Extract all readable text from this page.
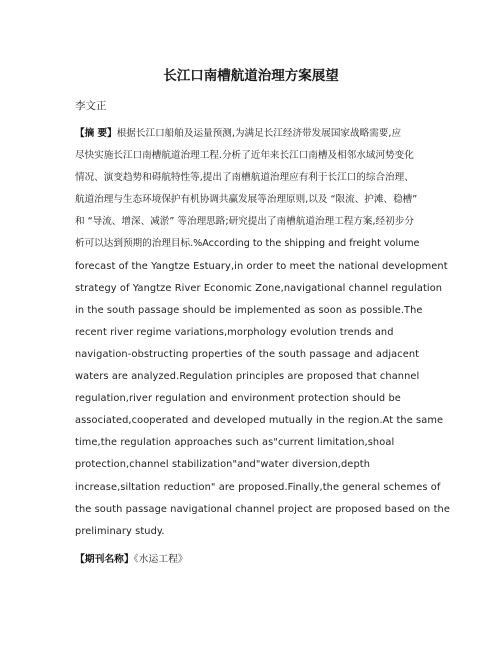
长江口南槽航道治理方案展望
李文正
【摘 要】根据长江口船舶及运量预测,为满足长江经济带发展国家战略需要,应
尽快实施长江口南槽航道治理工程.分析了近年来长江口南槽及相邻水域河势变化
情况、演变趋势和碍航特性等,提出了南槽航道治理应有利于长江口的综合治理、
航道治理与生态环境保护有机协调共赢发展等治理原则,以及 “限流、护滩、稳槽”
和 “导流、增深、减淤” 等治理思路;研究提出了南槽航道治理工程方案,经初步分
析可以达到预期的治理目标.%According to the shipping and freight volume
forecast of the Yangtze Estuary,in order to meet the national development
strategy of Yangtze River Economic Zone,navigational channel regulation
in the south passage should be implemented as soon as possible.The
recent river regime variations,morphology evolution trends and
navigation-obstructing properties of the south passage and adjacent
waters are analyzed.Regulation principles are proposed that channel
regulation,river regulation and environment protection should be
associated,cooperated and developed mutually in the region.At the same
time,the regulation approaches such as"current limitation,shoal
protection,channel stabilization"and"water diversion,depth
increase,siltation reduction" are proposed.Finally,the general schemes of
the south passage navigational channel project are proposed based on the
preliminary study.
【期刊名称】《水运工程》
